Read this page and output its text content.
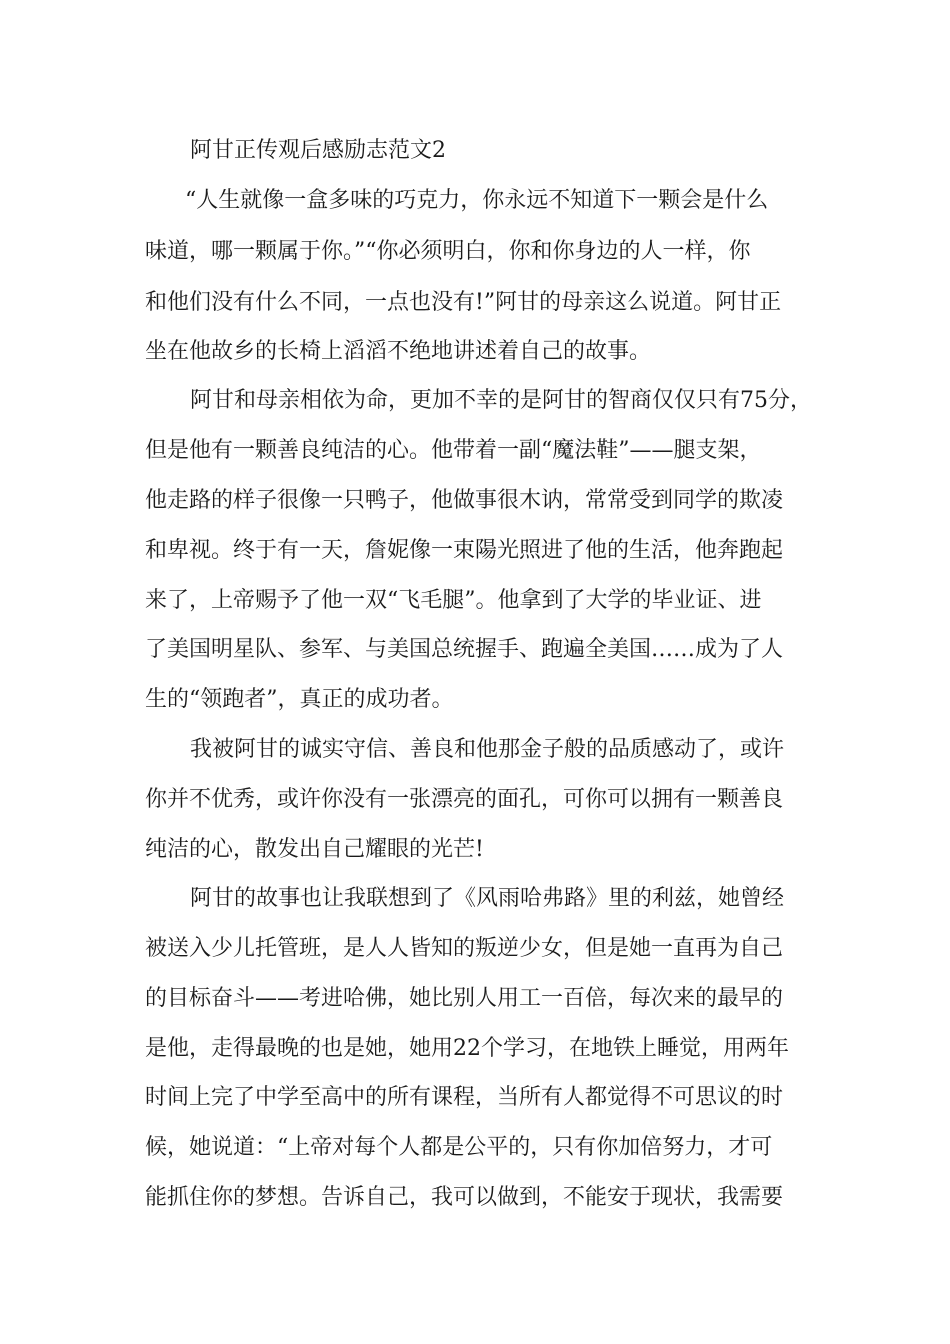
阿甘正传观后感励志范文2
“人生就像一盒多味的巧克力，你永远不知道下一颗会是什么
味道，哪一颗属于你。”“你必须明白，你和你身边的人一样，你
和他们没有什么不同，一点也没有!”阿甘的母亲这么说道。阿甘正
坐在他故乡的长椅上滔滔不绝地讲述着自己的故事。
阿甘和母亲相依为命，更加不幸的是阿甘的智商仅仅只有75分，
但是他有一颗善良纯洁的心。他带着一副“魔法鞋”——腿支架，
他走路的样子很像一只鸭子，他做事很木讷，常常受到同学的欺凌
和卑视。终于有一天，詹妮像一束陽光照进了他的生活，他奔跑起
来了，上帝赐予了他一双“飞毛腿”。他拿到了大学的毕业证、进
了美国明星队、参军、与美国总统握手、跑遍全美国……成为了人
生的“领跑者”，真正的成功者。
我被阿甘的诚实守信、善良和他那金子般的品质感动了，或许
你并不优秀，或许你没有一张漂亮的面孔，可你可以拥有一颗善良
纯洁的心，散发出自己耀眼的光芒!
阿甘的故事也让我联想到了《风雨哈弗路》里的利兹，她曾经
被送入少儿托管班，是人人皆知的叛逆少女，但是她一直再为自己
的目标奋斗——考进哈佛，她比别人用工一百倍，每次来的最早的
是他，走得最晚的也是她，她用22个学习，在地铁上睡觉，用两年
时间上完了中学至高中的所有课程，当所有人都觉得不可思议的时
候，她说道：“上帝对每个人都是公平的，只有你加倍努力，才可
能抓住你的梦想。告诉自己，我可以做到，不能安于现状，我需要
